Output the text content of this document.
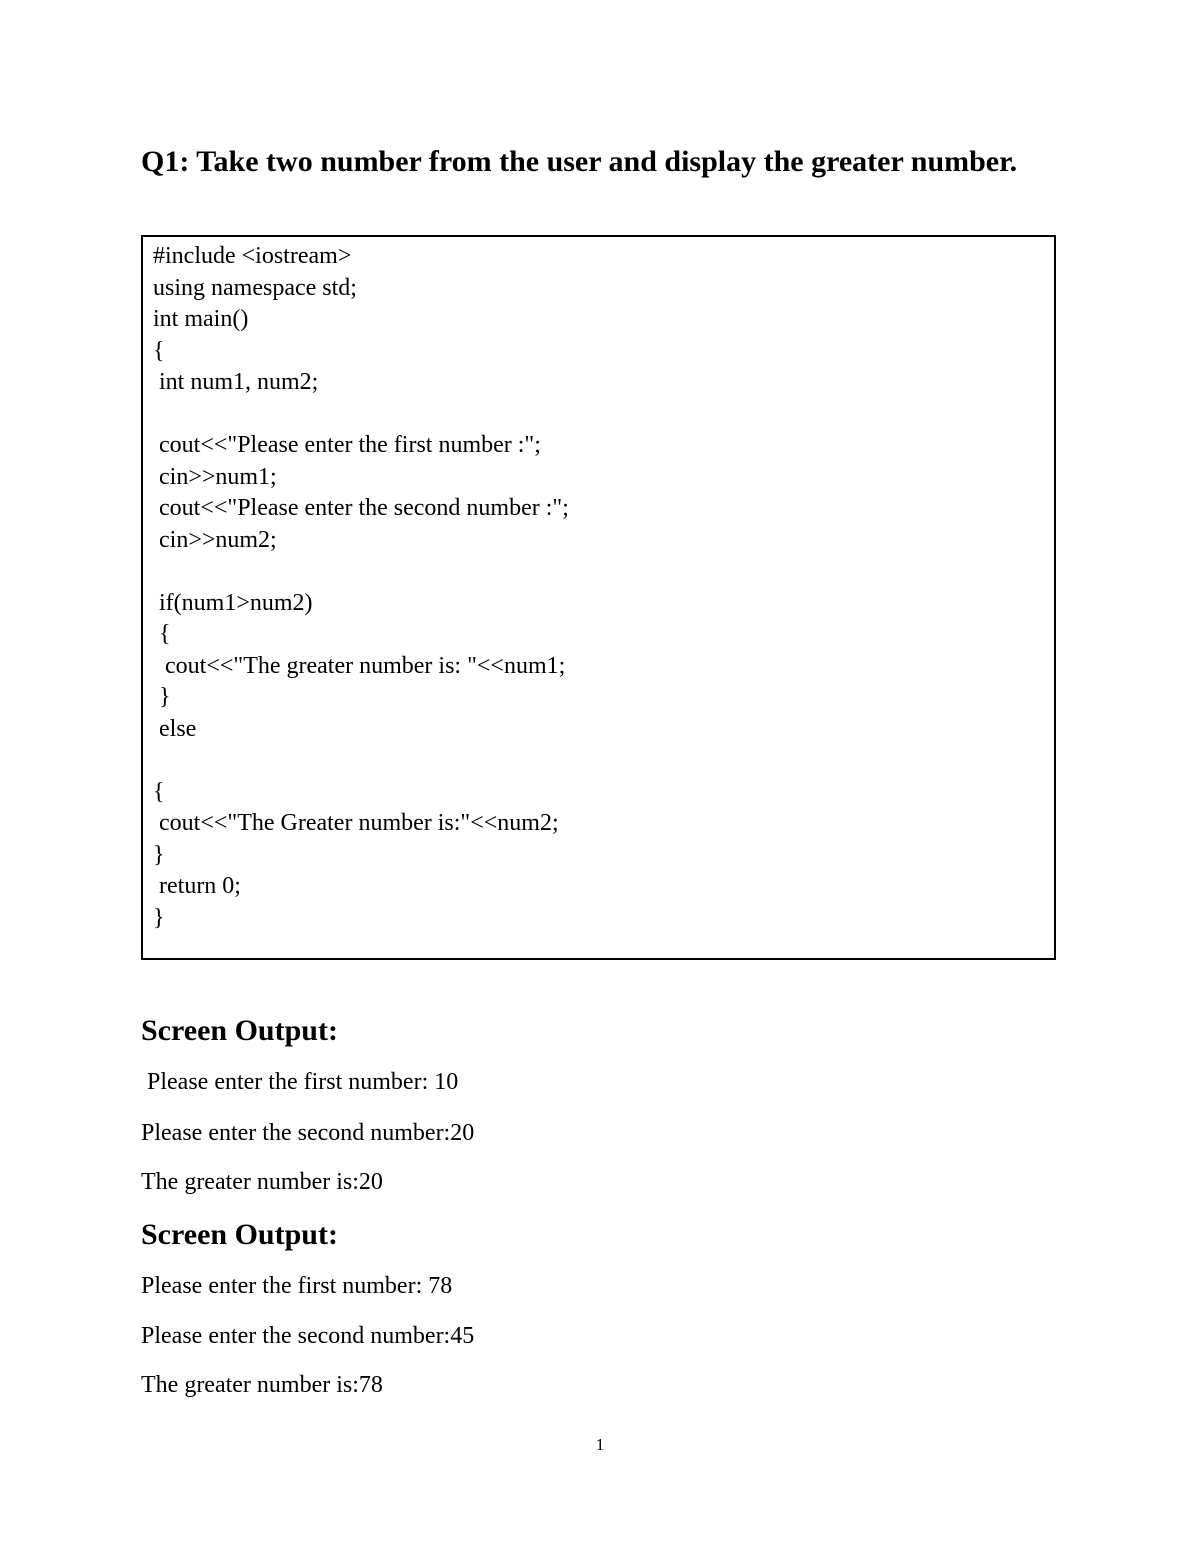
Q1: Take two number from the user and display the greater number.
#include <iostream>
using namespace std;
int main()
{
int num1, num2;
cout<<"Please enter the first number :";
cin>>num1;
cout<<"Please enter the second number :";
cin>>num2;
if(num1>num2)
{
cout<<"The greater number is: "<<num1;
}
else
{
cout<<"The Greater number is:"<<num2;
}
return 0;
}
Screen Output:

Please enter the first number: 10

Please enter the second number:20

The greater number is:20

Screen Output:

Please enter the first number: 78

Please enter the second number:45

The greater number is:78

1
